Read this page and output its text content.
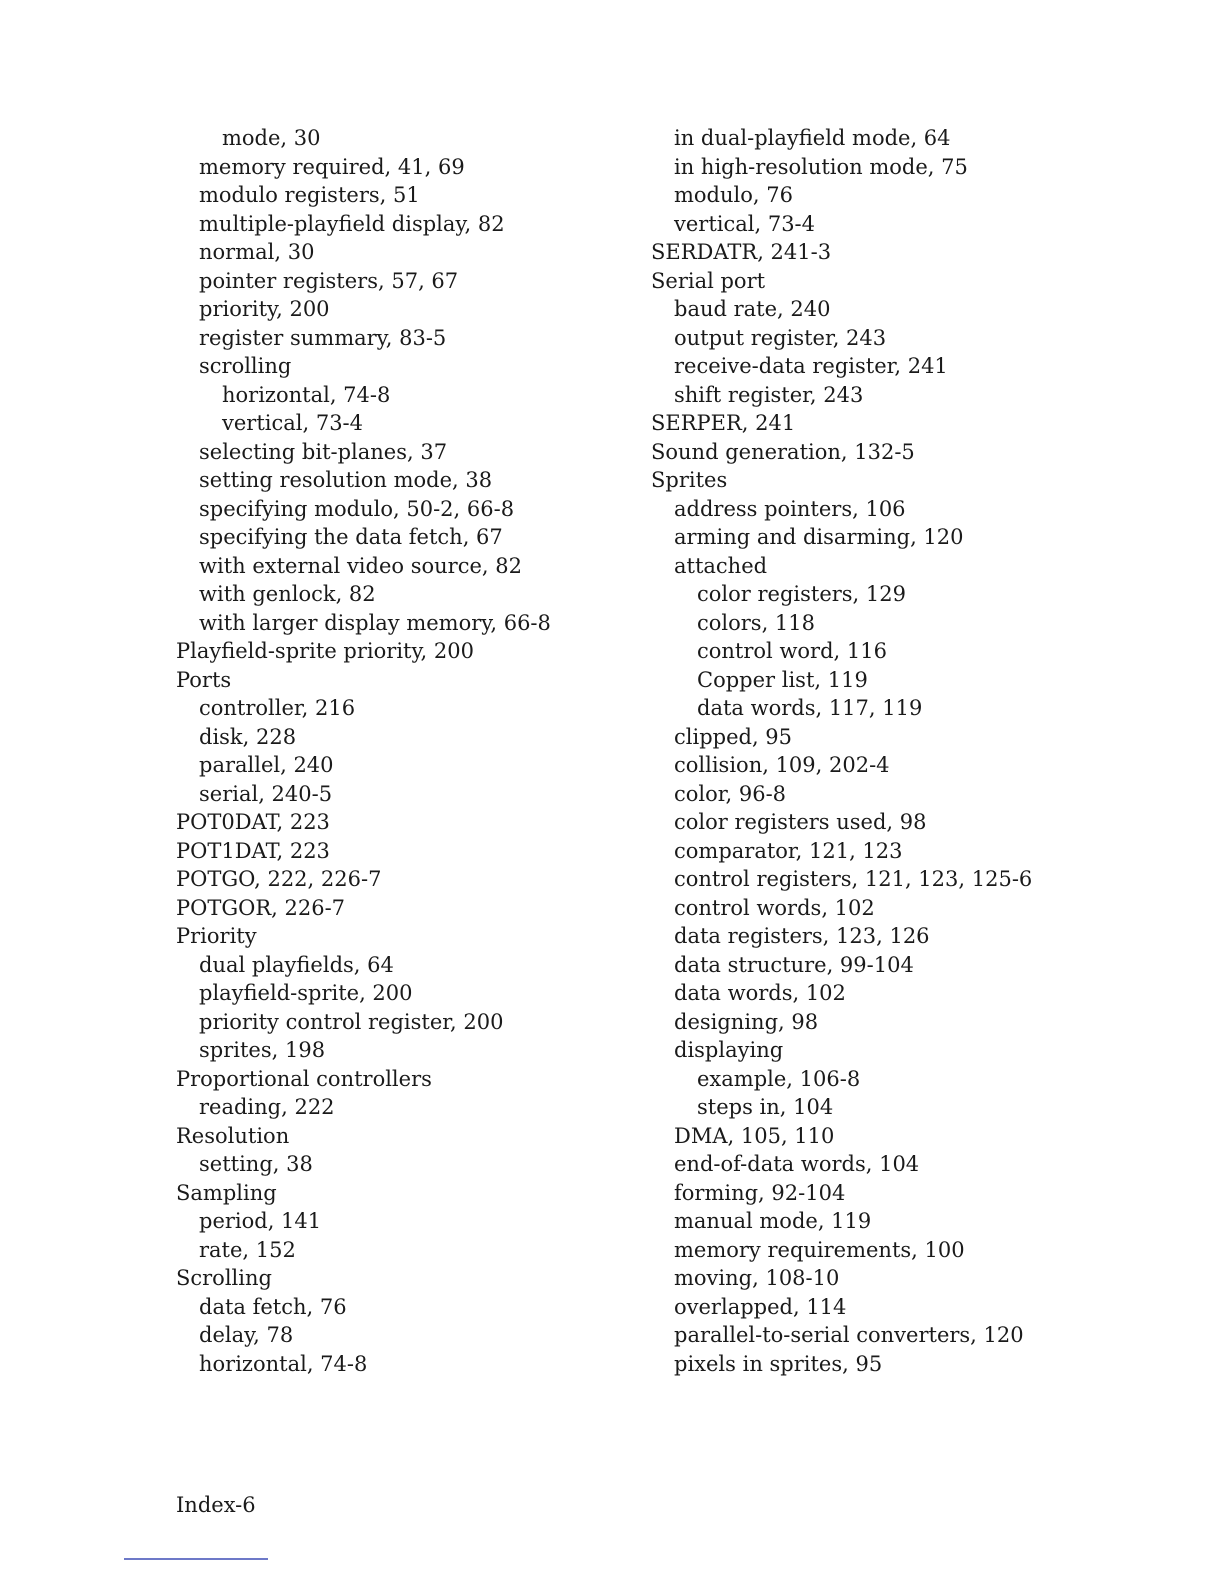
mode, 30
memory required, 41, 69
modulo registers, 51
multiple-playfield display, 82
normal, 30
pointer registers, 57, 67
priority, 200
register summary, 83-5
scrolling
horizontal, 74-8
vertical, 73-4
selecting bit-planes, 37
setting resolution mode, 38
specifying modulo, 50-2, 66-8
specifying the data fetch, 67
with external video source, 82
with genlock, 82
with larger display memory, 66-8
Playfield-sprite priority, 200
Ports
controller, 216
disk, 228
parallel, 240
serial, 240-5
POT0DAT, 223
POT1DAT, 223
POTGO, 222, 226-7
POTGOR, 226-7
Priority
dual playfields, 64
playfield-sprite, 200
priority control register, 200
sprites, 198
Proportional controllers
reading, 222
Resolution
setting, 38
Sampling
period, 141
rate, 152
Scrolling
data fetch, 76
delay, 78
horizontal, 74-8
in dual-playfield mode, 64
in high-resolution mode, 75
modulo, 76
vertical, 73-4
SERDATR, 241-3
Serial port
baud rate, 240
output register, 243
receive-data register, 241
shift register, 243
SERPER, 241
Sound generation, 132-5
Sprites
address pointers, 106
arming and disarming, 120
attached
color registers, 129
colors, 118
control word, 116
Copper list, 119
data words, 117, 119
clipped, 95
collision, 109, 202-4
color, 96-8
color registers used, 98
comparator, 121, 123
control registers, 121, 123, 125-6
control words, 102
data registers, 123, 126
data structure, 99-104
data words, 102
designing, 98
displaying
example, 106-8
steps in, 104
DMA, 105, 110
end-of-data words, 104
forming, 92-104
manual mode, 119
memory requirements, 100
moving, 108-10
overlapped, 114
parallel-to-serial converters, 120
pixels in sprites, 95
Index-6
